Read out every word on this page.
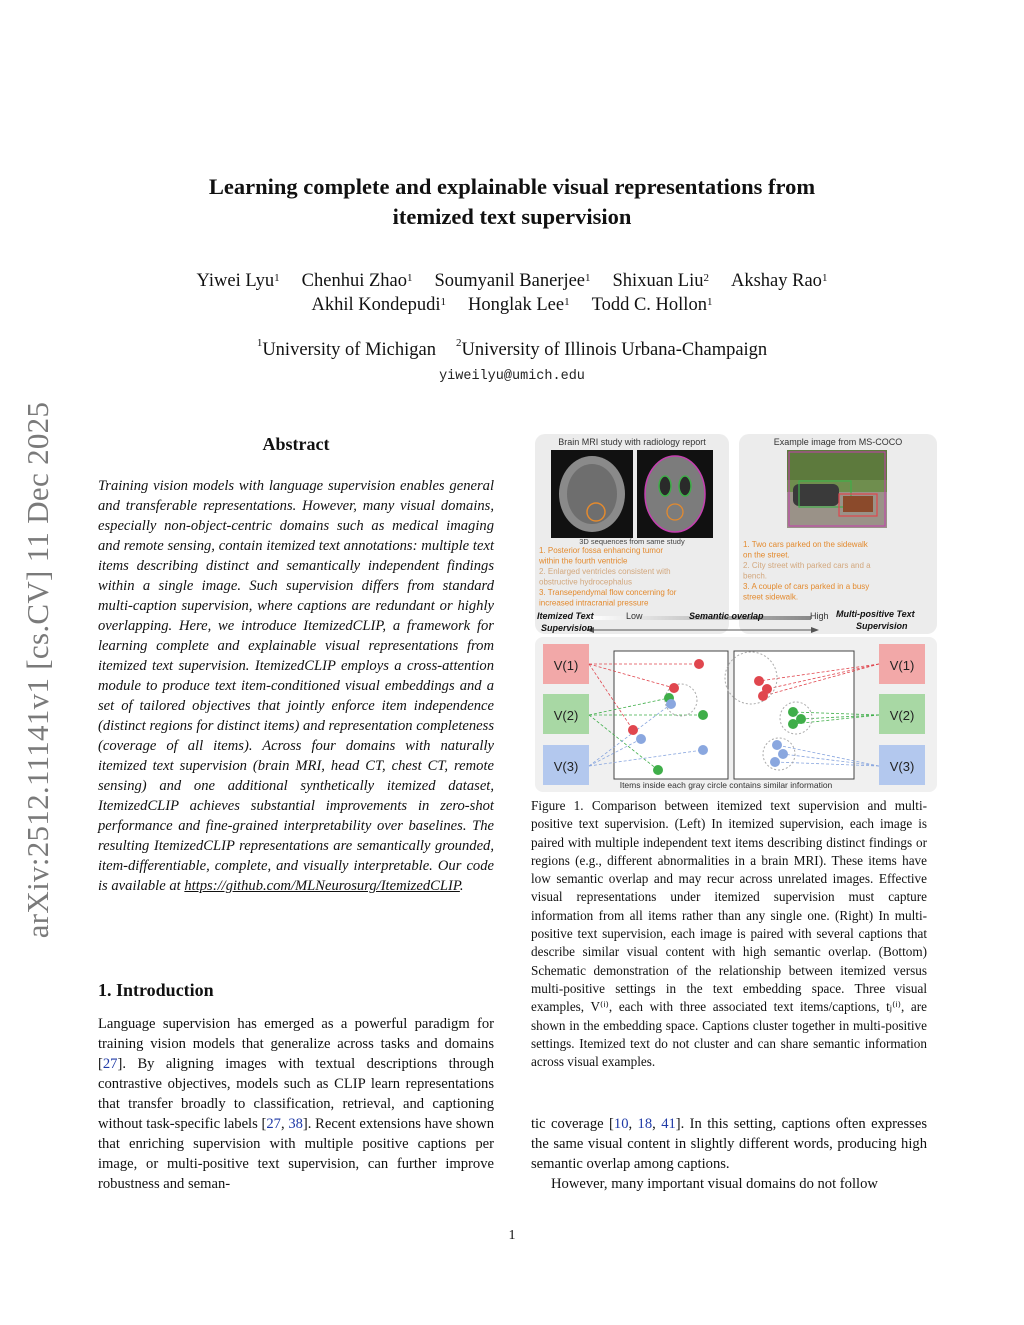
arXiv:2512.11141v1 [cs.CV] 11 Dec 2025
Learning complete and explainable visual representations from
itemized text supervision
Yiwei Lyu$^1$ Chenhui Zhao$^1$ Soumyanil Banerjee$^1$ Shixuan Liu$^2$ Akshay Rao$^1$
Akhil Kondepudi$^1$ Honglak Lee$^1$ Todd C. Hollon$^1$
$^1$University of Michigan $^2$University of Illinois Urbana-Champaign
yiweilyu@umich.edu
Abstract
Training vision models with language supervision enables general and transferable representations. However, many visual domains, especially non-object-centric domains such as medical imaging and remote sensing, contain itemized text annotations: multiple text items describing distinct and semantically independent findings within a single image. Such supervision differs from standard multi-caption supervision, where captions are redundant or highly overlapping. Here, we introduce ItemizedCLIP, a framework for learning complete and explainable visual representations from itemized text supervision. ItemizedCLIP employs a cross-attention module to produce text item-conditioned visual embeddings and a set of tailored objectives that jointly enforce item independence (distinct regions for distinct items) and representation completeness (coverage of all items). Across four domains with naturally itemized text supervision (brain MRI, head CT, chest CT, remote sensing) and one additional synthetically itemized dataset, ItemizedCLIP achieves substantial improvements in zero-shot performance and fine-grained interpretability over baselines. The resulting ItemizedCLIP representations are semantically grounded, item-differentiable, complete, and visually interpretable. Our code is available at https://github.com/MLNeurosurg/ItemizedCLIP.
1. Introduction
Language supervision has emerged as a powerful paradigm for training vision models that generalize across tasks and domains [27]. By aligning images with textual descriptions through contrastive objectives, models such as CLIP learn representations that transfer broadly to classification, retrieval, and captioning without task-specific labels [27, 38]. Recent extensions have shown that enriching supervision with multiple positive captions per image, or multi-positive text supervision, can further improve robustness and seman-
tic coverage [10, 18, 41]. In this setting, captions often expresses the same visual content in slightly different words, producing high semantic overlap among captions.
However, many important visual domains do not follow
Figure 1. Comparison between itemized text supervision and multi-positive text supervision. (Left) In itemized supervision, each image is paired with multiple independent text items describing distinct findings or regions (e.g., different abnormalities in a brain MRI). These items have low semantic overlap and may recur across unrelated images. Effective visual representations under itemized supervision must capture information from all items rather than any single one. (Right) In multi-positive text supervision, each image is paired with several captions that describe similar visual content with high semantic overlap. (Bottom) Schematic demonstration of the relationship between itemized versus multi-positive settings in the text embedding space. Three visual examples, V⁽ⁱ⁾, each with three associated text items/captions, tⱼ⁽ⁱ⁾, are shown in the embedding space. Captions cluster together in multi-positive settings. Itemized text do not cluster and can share semantic information across visual examples.
1
Brain MRI study with radiology report	Example image from MS-COCO
3D sequences from same study
1. Posterior fossa enhancing tumor
within the fourth ventricle
2. Enlarged ventricles consistent with
obstructive hydrocephalus
3. Transependymal flow concerning for
increased intracranial pressure
1. Two cars parked on the sidewalk
on the street.
2. City street with parked cars and a
bench.
3. A couple of cars parked in a busy
street sidewalk.
Itemized Text
Supervision
Low	Semantic overlap	High Multi-positive Text
Supervision
V(1)
V(2)
V(3)
V(1)
V(2)
V(3)
Items inside each gray circle contains similar information
